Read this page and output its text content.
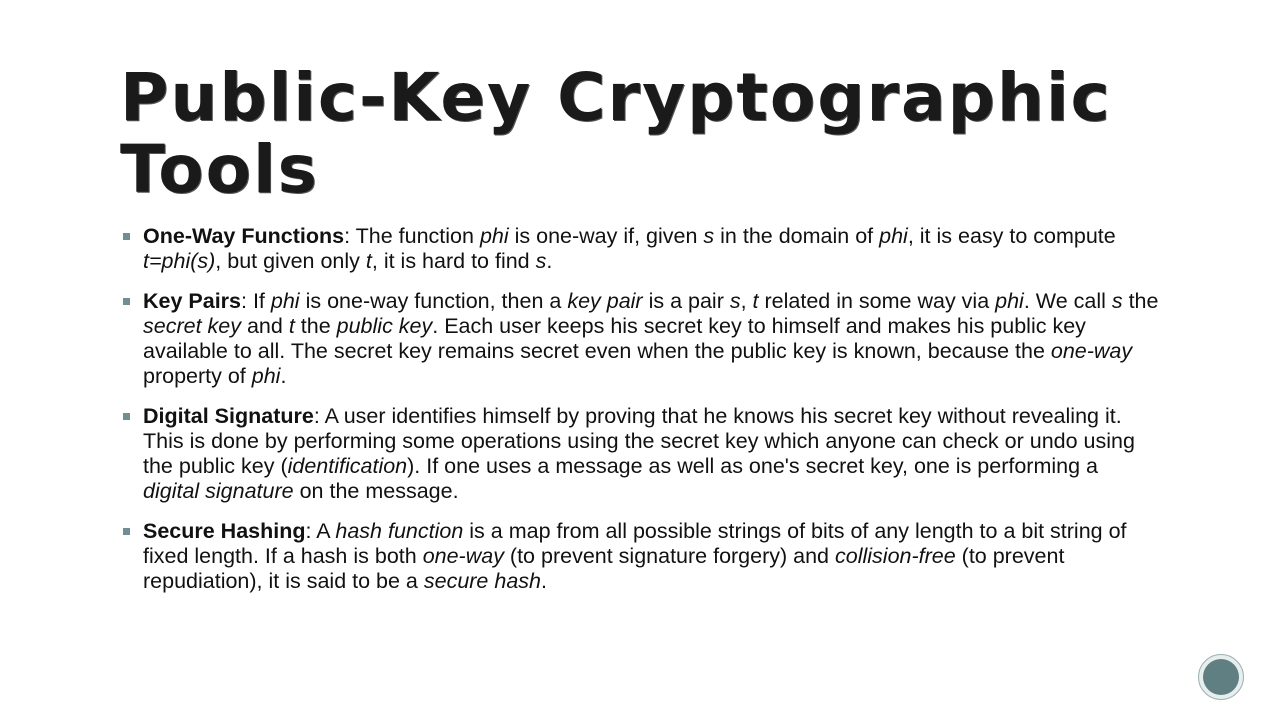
Public-Key Cryptographic Tools
One-Way Functions: The function phi is one-way if, given s in the domain of phi, it is easy to compute t=phi(s), but given only t, it is hard to find s.
Key Pairs: If phi is one-way function, then a key pair is a pair s, t related in some way via phi. We call s the secret key and t the public key. Each user keeps his secret key to himself and makes his public key available to all. The secret key remains secret even when the public key is known, because the one-way property of phi.
Digital Signature: A user identifies himself by proving that he knows his secret key without revealing it. This is done by performing some operations using the secret key which anyone can check or undo using the public key (identification). If one uses a message as well as one's secret key, one is performing a digital signature on the message.
Secure Hashing: A hash function is a map from all possible strings of bits of any length to a bit string of fixed length. If a hash is both one-way (to prevent signature forgery) and collision-free (to prevent repudiation), it is said to be a secure hash.
